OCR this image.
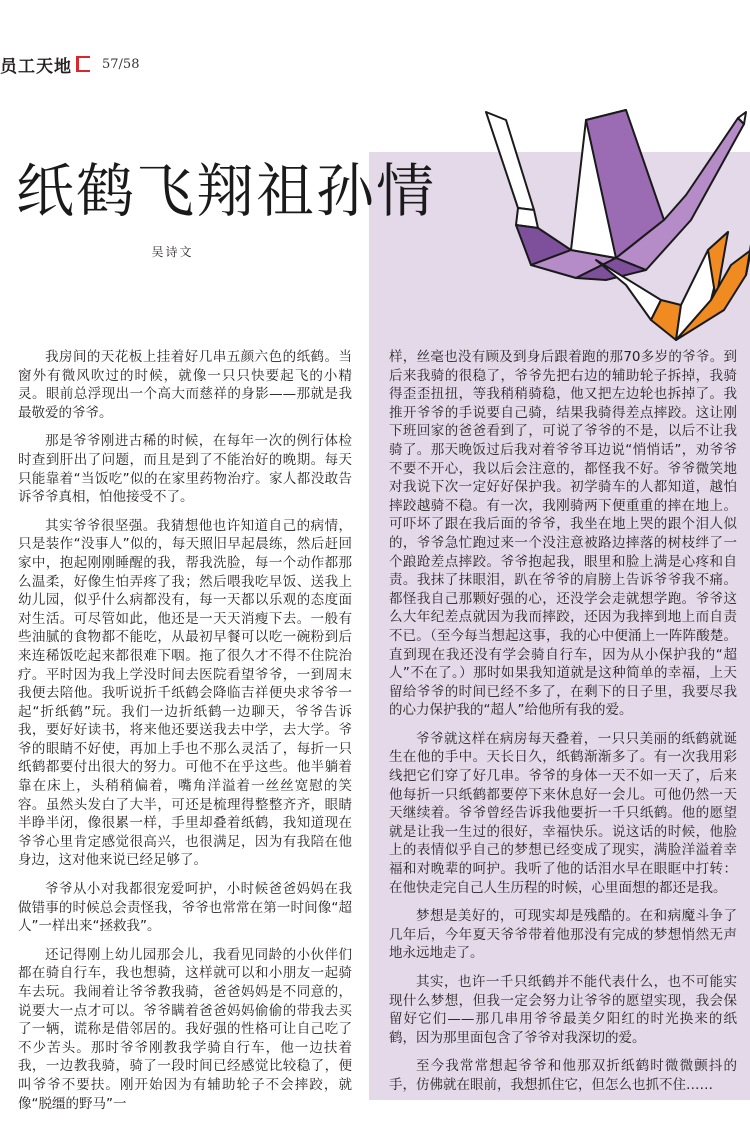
员工天地 57/58
纸鹤飞翔祖孙情
吴诗文

我房间的天花板上挂着好几串五颜六色的纸鹤。当窗外有微风吹过的时候，就像一只只快要起飞的小精灵。眼前总浮现出一个高大而慈祥的身影——那就是我最敬爱的爷爷。

那是爷爷刚进古稀的时候，在每年一次的例行体检时查到肝出了问题，而且是到了不能治好的晚期。每天只能靠着“当饭吃”似的在家里药物治疗。家人都没敢告诉爷爷真相，怕他接受不了。

其实爷爷很坚强。我猜想他也许知道自己的病情，只是装作“没事人”似的，每天照旧早起晨练，然后赶回家中，抱起刚刚睡醒的我，帮我洗脸，每一个动作都那么温柔，好像生怕弄疼了我；然后喂我吃早饭、送我上幼儿园，似乎什么病都没有，每一天都以乐观的态度面对生活。可尽管如此，他还是一天天消瘦下去。一般有些油腻的食物都不能吃，从最初早餐可以吃一碗粉到后来连稀饭吃起来都很难下咽。拖了很久才不得不住院治疗。平时因为我上学没时间去医院看望爷爷，一到周末我便去陪他。我听说折千纸鹤会降临吉祥便央求爷爷一起“折纸鹤”玩。我们一边折纸鹤一边聊天，爷爷告诉我，要好好读书，将来他还要送我去中学，去大学。爷爷的眼睛不好使，再加上手也不那么灵活了，每折一只纸鹤都要付出很大的努力。可他不在乎这些。他半躺着靠在床上，头稍稍偏着，嘴角洋溢着一丝丝宽慰的笑容。虽然头发白了大半，可还是梳理得整整齐齐，眼睛半睁半闭，像很累一样，手里却叠着纸鹤，我知道现在爷爷心里肯定感觉很高兴，也很满足，因为有我陪在他身边，这对他来说已经足够了。

爷爷从小对我都很宠爱呵护，小时候爸爸妈妈在我做错事的时候总会责怪我，爷爷也常常在第一时间像“超人”一样出来“拯救我”。

还记得刚上幼儿园那会儿，我看见同龄的小伙伴们都在骑自行车，我也想骑，这样就可以和小朋友一起骑车去玩。我闹着让爷爷教我骑，爸爸妈妈是不同意的，说要大一点才可以。爷爷瞒着爸爸妈妈偷偷的带我去买了一辆，谎称是借邻居的。我好强的性格可让自己吃了不少苦头。那时爷爷刚教我学骑自行车，他一边扶着我，一边教我骑，骑了一段时间已经感觉比较稳了，便叫爷爷不要扶。刚开始因为有辅助轮子不会摔跤，就像“脱缰的野马”一

样，丝毫也没有顾及到身后跟着跑的那70多岁的爷爷。到后来我骑的很稳了，爷爷先把右边的辅助轮子拆掉，我骑得歪歪扭扭，等我稍稍骑稳，他又把左边轮也拆掉了。我推开爷爷的手说要自己骑，结果我骑得差点摔跤。这让刚下班回家的爸爸看到了，可说了爷爷的不是，以后不让我骑了。那天晚饭过后我对着爷爷耳边说“悄悄话”，劝爷爷不要不开心，我以后会注意的，都怪我不好。爷爷微笑地对我说下次一定好好保护我。初学骑车的人都知道，越怕摔跤越骑不稳。有一次，我刚骑两下便重重的摔在地上。可吓坏了跟在我后面的爷爷，我坐在地上哭的跟个泪人似的，爷爷急忙跑过来一个没注意被路边摔落的树枝绊了一个踉跄差点摔跤。爷爷抱起我，眼里和脸上满是心疼和自责。我抹了抹眼泪，趴在爷爷的肩膀上告诉爷爷我不痛。都怪我自己那颗好强的心，还没学会走就想学跑。爷爷这么大年纪差点就因为我而摔跤，还因为我摔到地上而自责不已。（至今每当想起这事，我的心中便涌上一阵阵酸楚。直到现在我还没有学会骑自行车，因为从小保护我的“超人”不在了。）那时如果我知道就是这种简单的幸福，上天留给爷爷的时间已经不多了，在剩下的日子里，我要尽我的心力保护我的“超人”给他所有我的爱。

爷爷就这样在病房每天叠着，一只只美丽的纸鹤就诞生在他的手中。天长日久，纸鹤渐渐多了。有一次我用彩线把它们穿了好几串。爷爷的身体一天不如一天了，后来他每折一只纸鹤都要停下来休息好一会儿。可他仍然一天天继续着。爷爷曾经告诉我他要折一千只纸鹤。他的愿望就是让我一生过的很好，幸福快乐。说这话的时候，他脸上的表情似乎自己的梦想已经变成了现实，满脸洋溢着幸福和对晚辈的呵护。我听了他的话泪水早在眼眶中打转：在他快走完自己人生历程的时候，心里面想的都还是我。

梦想是美好的，可现实却是残酷的。在和病魔斗争了几年后，今年夏天爷爷带着他那没有完成的梦想悄然无声地永远地走了。

其实，也许一千只纸鹤并不能代表什么，也不可能实现什么梦想，但我一定会努力让爷爷的愿望实现，我会保留好它们——那几串用爷爷最美夕阳红的时光换来的纸鹤，因为那里面包含了爷爷对我深切的爱。

至今我常常想起爷爷和他那双折纸鹤时微微颤抖的手，仿佛就在眼前，我想抓住它，但怎么也抓不住……
